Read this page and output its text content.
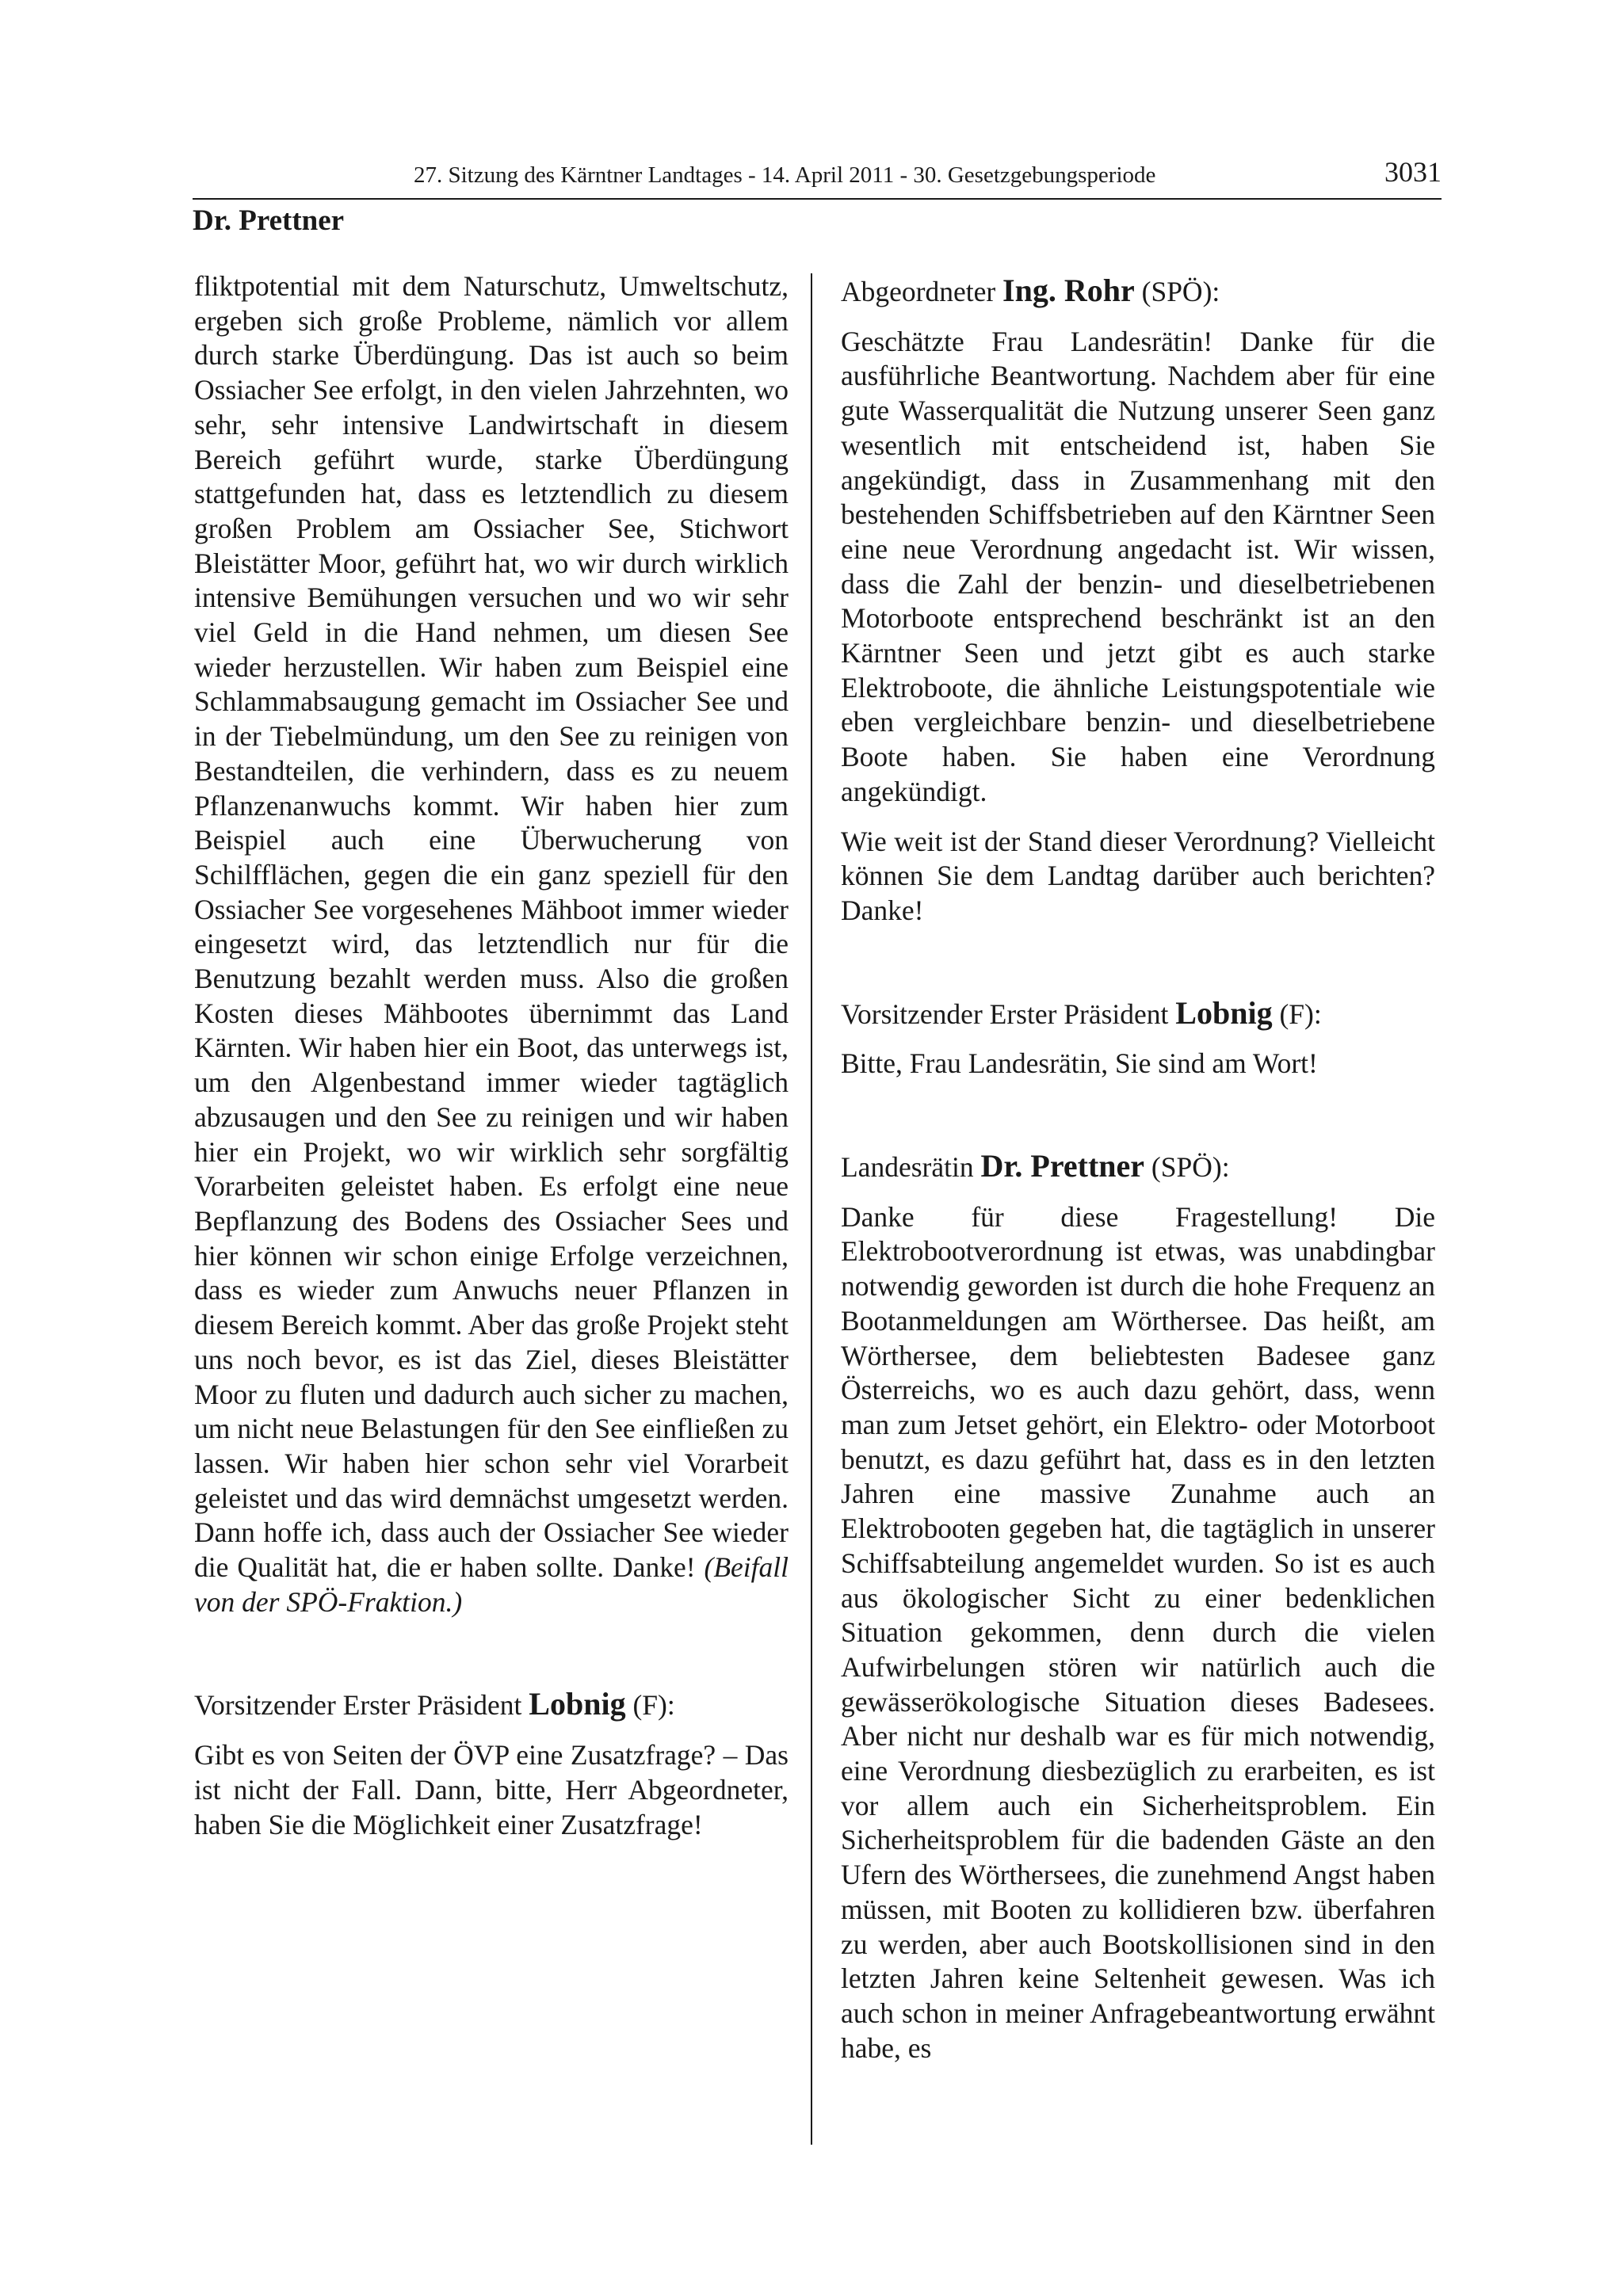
27. Sitzung des Kärntner Landtages - 14. April 2011 - 30. Gesetzgebungsperiode	3031
Dr. Prettner

fliktpotential mit dem Naturschutz, Umweltschutz, ergeben sich große Probleme, nämlich vor allem durch starke Überdüngung. Das ist auch so beim Ossiacher See erfolgt, in den vielen Jahrzehnten, wo sehr, sehr intensive Landwirtschaft in diesem Bereich geführt wurde, starke Überdüngung stattgefunden hat, dass es letztendlich zu diesem großen Problem am Ossiacher See, Stichwort Bleistätter Moor, geführt hat, wo wir durch wirklich intensive Bemühungen versuchen und wo wir sehr viel Geld in die Hand nehmen, um diesen See wieder herzustellen. Wir haben zum Beispiel eine Schlammabsaugung gemacht im Ossiacher See und in der Tiebelmündung, um den See zu reinigen von Bestandteilen, die verhindern, dass es zu neuem Pflanzenanwuchs kommt. Wir haben hier zum Beispiel auch eine Überwucherung von Schilfflächen, gegen die ein ganz speziell für den Ossiacher See vorgesehenes Mähboot immer wieder eingesetzt wird, das letztendlich nur für die Benutzung bezahlt werden muss. Also die großen Kosten dieses Mähbootes übernimmt das Land Kärnten. Wir haben hier ein Boot, das unterwegs ist, um den Algenbestand immer wieder tagtäglich abzusaugen und den See zu reinigen und wir haben hier ein Projekt, wo wir wirklich sehr sorgfältig Vorarbeiten geleistet haben. Es erfolgt eine neue Bepflanzung des Bodens des Ossiacher Sees und hier können wir schon einige Erfolge verzeichnen, dass es wieder zum Anwuchs neuer Pflanzen in diesem Bereich kommt. Aber das große Projekt steht uns noch bevor, es ist das Ziel, dieses Bleistätter Moor zu fluten und dadurch auch sicher zu machen, um nicht neue Belastungen für den See einfließen zu lassen. Wir haben hier schon sehr viel Vorarbeit geleistet und das wird demnächst umgesetzt werden. Dann hoffe ich, dass auch der Ossiacher See wieder die Qualität hat, die er haben sollte. Danke! (Beifall von der SPÖ-Fraktion.)

Vorsitzender Erster Präsident Lobnig (F):

Gibt es von Seiten der ÖVP eine Zusatzfrage? – Das ist nicht der Fall. Dann, bitte, Herr Abgeordneter, haben Sie die Möglichkeit einer Zusatzfrage!

Abgeordneter Ing. Rohr (SPÖ):

Geschätzte Frau Landesrätin! Danke für die ausführliche Beantwortung. Nachdem aber für eine gute Wasserqualität die Nutzung unserer Seen ganz wesentlich mit entscheidend ist, haben Sie angekündigt, dass in Zusammenhang mit den bestehenden Schiffsbetrieben auf den Kärntner Seen eine neue Verordnung angedacht ist. Wir wissen, dass die Zahl der benzin- und dieselbetriebenen Motorboote entsprechend beschränkt ist an den Kärntner Seen und jetzt gibt es auch starke Elektroboote, die ähnliche Leistungspotentiale wie eben vergleichbare benzin- und dieselbetriebene Boote haben. Sie haben eine Verordnung angekündigt.

Wie weit ist der Stand dieser Verordnung? Vielleicht können Sie dem Landtag darüber auch berichten? Danke!

Vorsitzender Erster Präsident Lobnig (F):

Bitte, Frau Landesrätin, Sie sind am Wort!

Landesrätin Dr. Prettner (SPÖ):

Danke für diese Fragestellung! Die Elektrobootverordnung ist etwas, was unabdingbar notwendig geworden ist durch die hohe Frequenz an Bootanmeldungen am Wörthersee. Das heißt, am Wörthersee, dem beliebtesten Badesee ganz Österreichs, wo es auch dazu gehört, dass, wenn man zum Jetset gehört, ein Elektro- oder Motorboot benutzt, es dazu geführt hat, dass es in den letzten Jahren eine massive Zunahme auch an Elektrobooten gegeben hat, die tagtäglich in unserer Schiffsabteilung angemeldet wurden. So ist es auch aus ökologischer Sicht zu einer bedenklichen Situation gekommen, denn durch die vielen Aufwirbelungen stören wir natürlich auch die gewässerökologische Situation dieses Badesees. Aber nicht nur deshalb war es für mich notwendig, eine Verordnung diesbezüglich zu erarbeiten, es ist vor allem auch ein Sicherheitsproblem. Ein Sicherheitsproblem für die badenden Gäste an den Ufern des Wörthersees, die zunehmend Angst haben müssen, mit Booten zu kollidieren bzw. überfahren zu werden, aber auch Bootskollisionen sind in den letzten Jahren keine Seltenheit gewesen. Was ich auch schon in meiner Anfragebeantwortung erwähnt habe, es
